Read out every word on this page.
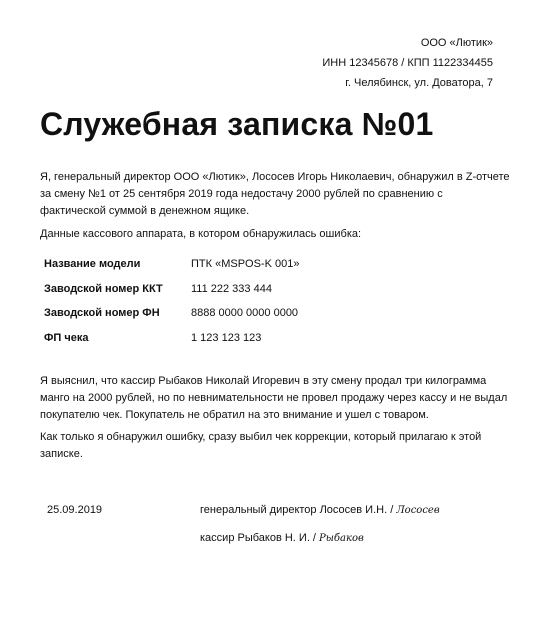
ООО «Лютик»
ИНН 12345678 / КПП 1122334455
г. Челябинск, ул. Доватора, 7
Служебная записка №01

Я, генеральный директор ООО «Лютик», Лососев Игорь Николаевич, обнаружил в Z-отчете за смену №1 от 25 сентября 2019 года недостачу 2000 рублей по сравнению с фактической суммой в денежном ящике.

Данные кассового аппарата, в котором обнаружилась ошибка:

Название модели	ПТК «MSPOS-K 001»
Заводской номер ККТ	111 222 333 444
Заводской номер ФН	8888 0000 0000 0000
ФП чека	1 123 123 123

Я выяснил, что кассир Рыбаков Николай Игоревич в эту смену продал три килограмма манго на 2000 рублей, но по невнимательности не провел продажу через кассу и не выдал покупателю чек. Покупатель не обратил на это внимание и ушел с товаром.

Как только я обнаружил ошибку, сразу выбил чек коррекции, который прилагаю к этой записке.

25.09.2019	генеральный директор Лососев И.Н. / Лососев
кассир Рыбаков Н. И. / Рыбаков
